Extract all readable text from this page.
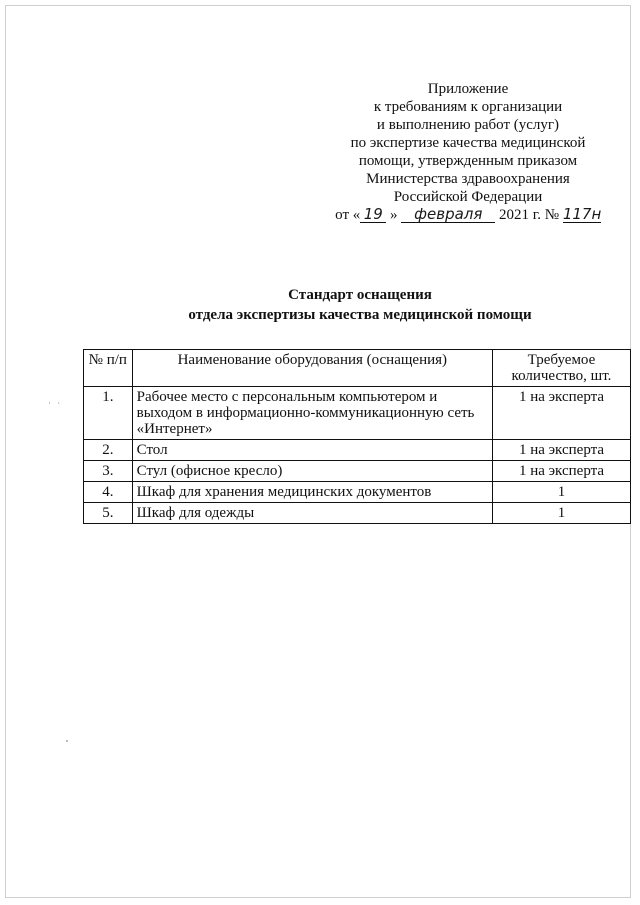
Приложение
к требованиям к организации
и выполнению работ (услуг)
по экспертизе качества медицинской
помощи, утвержденным приказом
Министерства здравоохранения
Российской Федерации
от « 19 » февраля 2021 г. № 117н
Стандарт оснащения
отдела экспертизы качества медицинской помощи
· ·
№ п/п	Наименование оборудования (оснащения)	Требуемое количество, шт.
1.	Рабочее место с персональным компьютером и выходом в информационно-коммуникационную сеть «Интернет»	1 на эксперта
2.	Стол	1 на эксперта
3.	Стул (офисное кресло)	1 на эксперта
4.	Шкаф для хранения медицинских документов	1
5.	Шкаф для одежды	1
